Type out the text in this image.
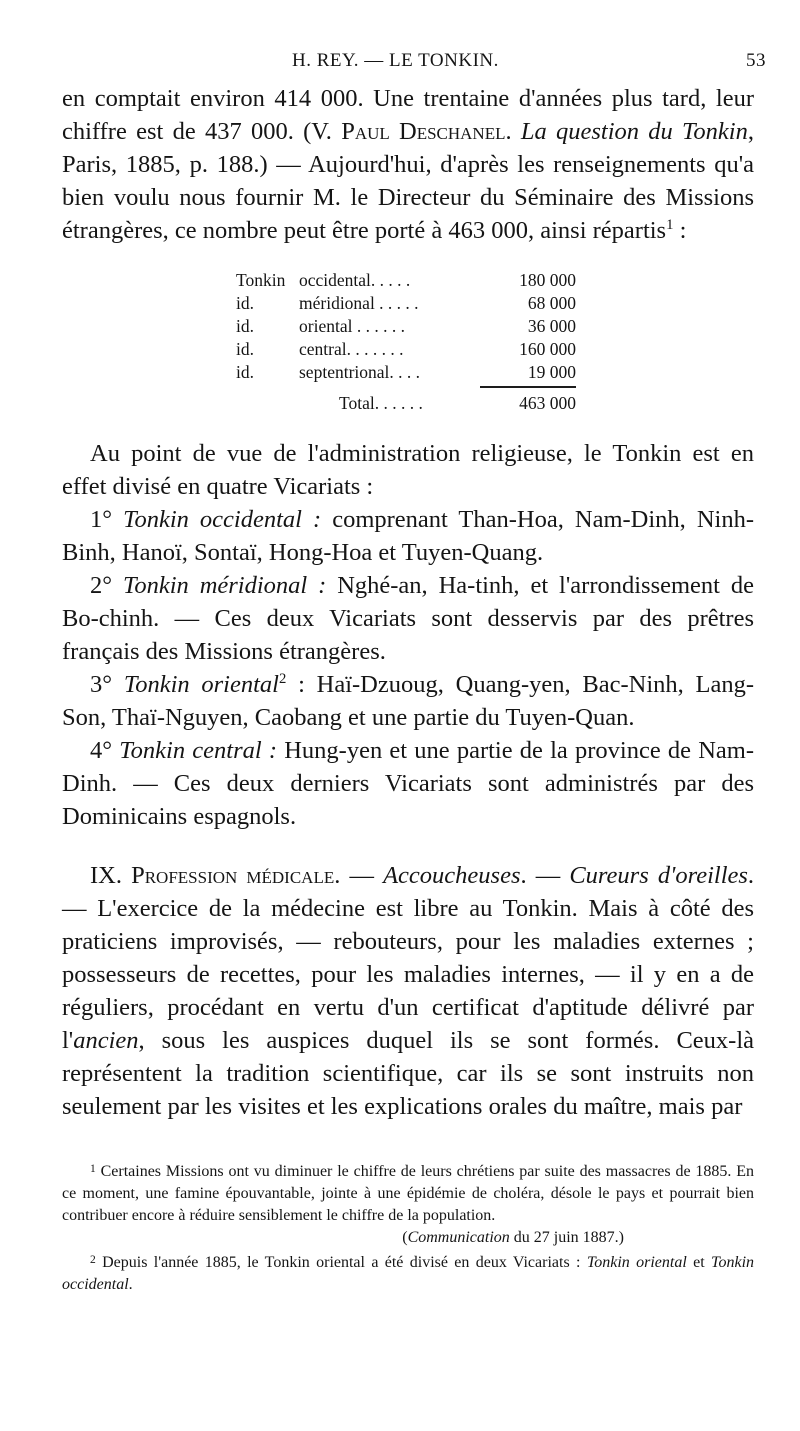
H. REY. — LE TONKIN.	53

en comptait environ 414 000. Une trentaine d'années plus tard, leur chiffre est de 437 000. (V. Paul Deschanel. La question du Tonkin, Paris, 1885, p. 188.) — Aujourd'hui, d'après les renseignements qu'a bien voulu nous fournir M. le Directeur du Séminaire des Missions étrangères, ce nombre peut être porté à 463 000, ainsi répartis$^1$ :

Tonkin occidental. . . . .	180 000
id.	méridional . . . . .	68 000
id.	oriental . . . . . .	36 000
id.	central. . . . . . .	160 000
id.	septentrional. . . .	19 000
Total. . . . . .	463 000

Au point de vue de l'administration religieuse, le Tonkin est en effet divisé en quatre Vicariats :

1° Tonkin occidental : comprenant Than-Hoa, Nam-Dinh, Ninh-Binh, Hanoï, Sontaï, Hong-Hoa et Tuyen-Quang.

2° Tonkin méridional : Nghé-an, Ha-tinh, et l'arrondissement de Bo-chinh. — Ces deux Vicariats sont desservis par des prêtres français des Missions étrangères.

3° Tonkin oriental$^2$ : Haï-Dzuoug, Quang-yen, Bac-Ninh, Lang-Son, Thaï-Nguyen, Caobang et une partie du Tuyen-Quan.

4° Tonkin central : Hung-yen et une partie de la province de Nam-Dinh. — Ces deux derniers Vicariats sont administrés par des Dominicains espagnols.

IX. Profession médicale. — Accoucheuses. — Cureurs d'oreilles. — L'exercice de la médecine est libre au Tonkin. Mais à côté des praticiens improvisés, — rebouteurs, pour les maladies externes ; possesseurs de recettes, pour les maladies internes, — il y en a de réguliers, procédant en vertu d'un certificat d'aptitude délivré par l'ancien, sous les auspices duquel ils se sont formés. Ceux-là représentent la tradition scientifique, car ils se sont instruits non seulement par les visites et les explications orales du maître, mais par

$^1$ Certaines Missions ont vu diminuer le chiffre de leurs chrétiens par suite des massacres de 1885. En ce moment, une famine épouvantable, jointe à une épidémie de choléra, désole le pays et pourrait bien contribuer encore à réduire sensiblement le chiffre de la population.

(Communication du 27 juin 1887.)

$^2$ Depuis l'année 1885, le Tonkin oriental a été divisé en deux Vicariats : Tonkin oriental et Tonkin occidental.
